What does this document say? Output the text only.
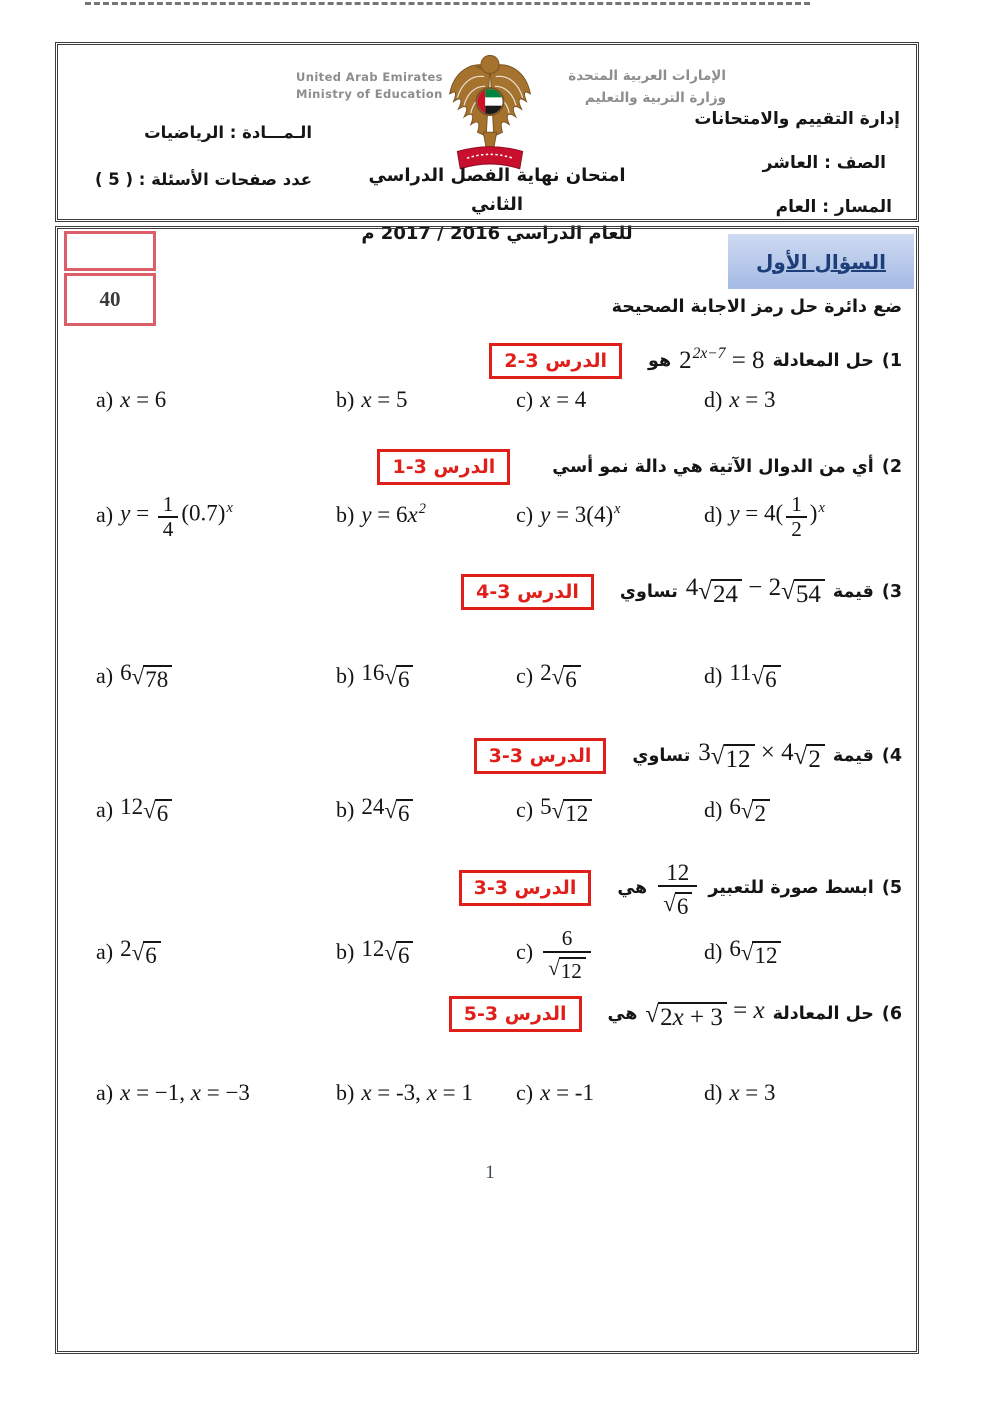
United Arab Emirates
Ministry of Education
الإمارات العربية المتحدة
وزارة التربية والتعليم
إدارة التقييم والامتحانات
الصف : العاشر
المسار : العام
الـمـــادة : الرياضيات
عدد صفحات الأسئلة : ( 5 )	امتحان نهاية الفصل الدراسي الثاني
للعام الدراسي 2016 / 2017 م
40
السؤال الأول
ضع دائرة حل رمز الاجابة الصحيحة
1)
حل المعادلة
$2^{2x-7} = 8$
هو
الدرس 3-2
a) x = 6	b) x = 5	c) x = 4	d) x = 3
2)
أي من الدوال الآتية هي دالة نمو أسي
الدرس 3-1
a) $y = \frac{1}{4} (0.7)^x$	b) $y = 6x^2$	c) $y = 3(4)^x$	d) $y = 4( \frac{1}{2} )^x$
3)
قيمة
4 √ 24 − 2 √ 54
تساوي
الدرس 3-4
a) 6 √ 78	b) 16 √ 6	c) 2 √ 6	d) 11 √ 6
4)
قيمة
3 √ 12 × 4 √ 2
تساوي
الدرس 3-3
a) 12 √ 6	b) 24 √ 6	c) 5 √ 12	d) 6 √ 2
5)
ابسط صورة للتعبير
$\frac{12}{√ 6}$
هي
الدرس 3-3
a) 2 √ 6	b) 12 √ 6	$c) \frac{6}{√ 12}$	d) 6 √ 12
6)
حل المعادلة
√ 2x + 3 = x
هي
الدرس 3-5
a) x = −1, x = −3	b) x = -3, x = 1 c) x = -1	d) x = 3
1
